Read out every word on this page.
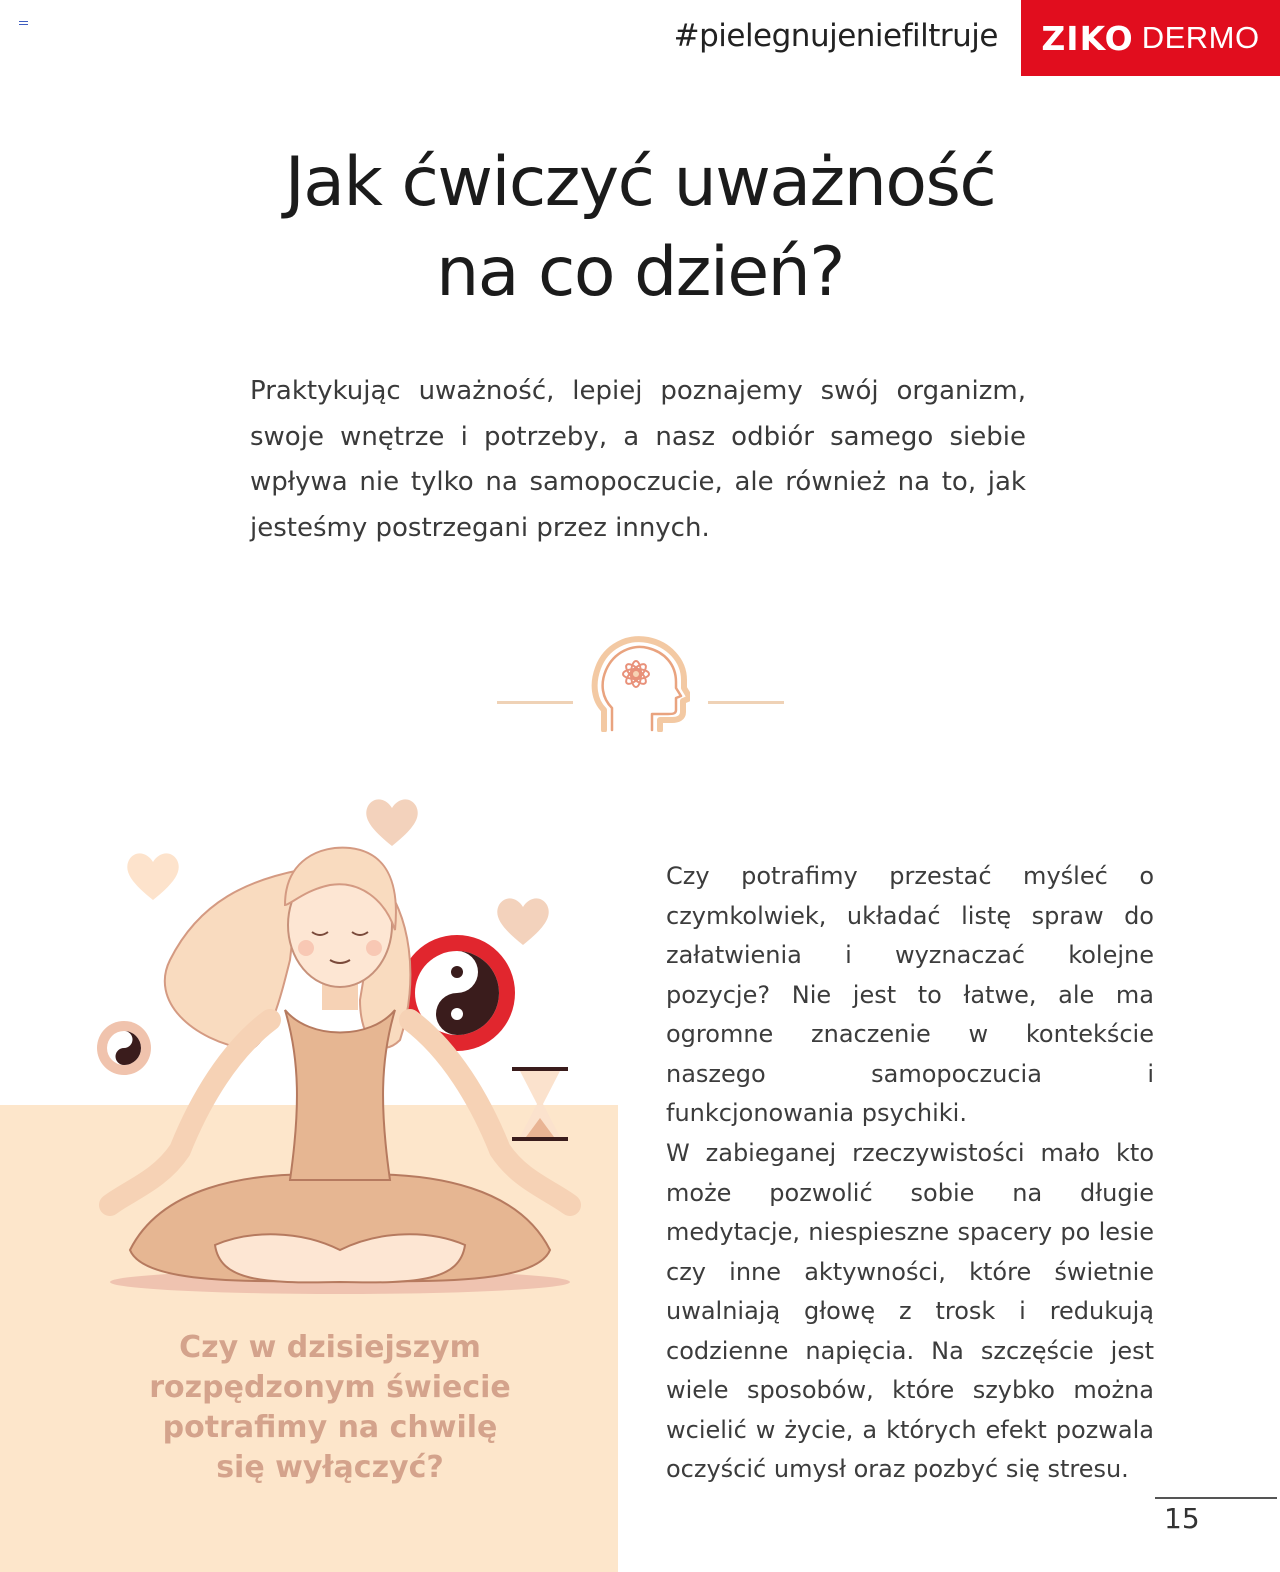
#pielegnujeniefiltruje ZIKO DERMO
Jak ćwiczyć uważność
na co dzień?
Praktykując uważność, lepiej poznajemy swój organizm, swoje wnętrze i potrzeby, a nasz odbiór samego siebie wpływa nie tylko na samopoczucie, ale również na to, jak jesteśmy postrzegani przez innych.
Czy w dzisiejszym
rozpędzonym świecie
potrafimy na chwilę
się wyłączyć?
Czy potrafimy przestać myśleć o czymkolwiek, układać listę spraw do załatwienia i wyznaczać kolejne pozycje? Nie jest to łatwe, ale ma ogromne znaczenie w kontekście naszego samopoczucia i funkcjonowania psychiki.
W zabieganej rzeczywistości mało kto może pozwolić sobie na długie medytacje, niespieszne spacery po lesie czy inne aktywności, które świetnie uwalniają głowę z trosk i redukują codzienne napięcia. Na szczęście jest wiele sposobów, które szybko można wcielić w życie, a których efekt pozwala oczyścić umysł oraz pozbyć się stresu.
15
